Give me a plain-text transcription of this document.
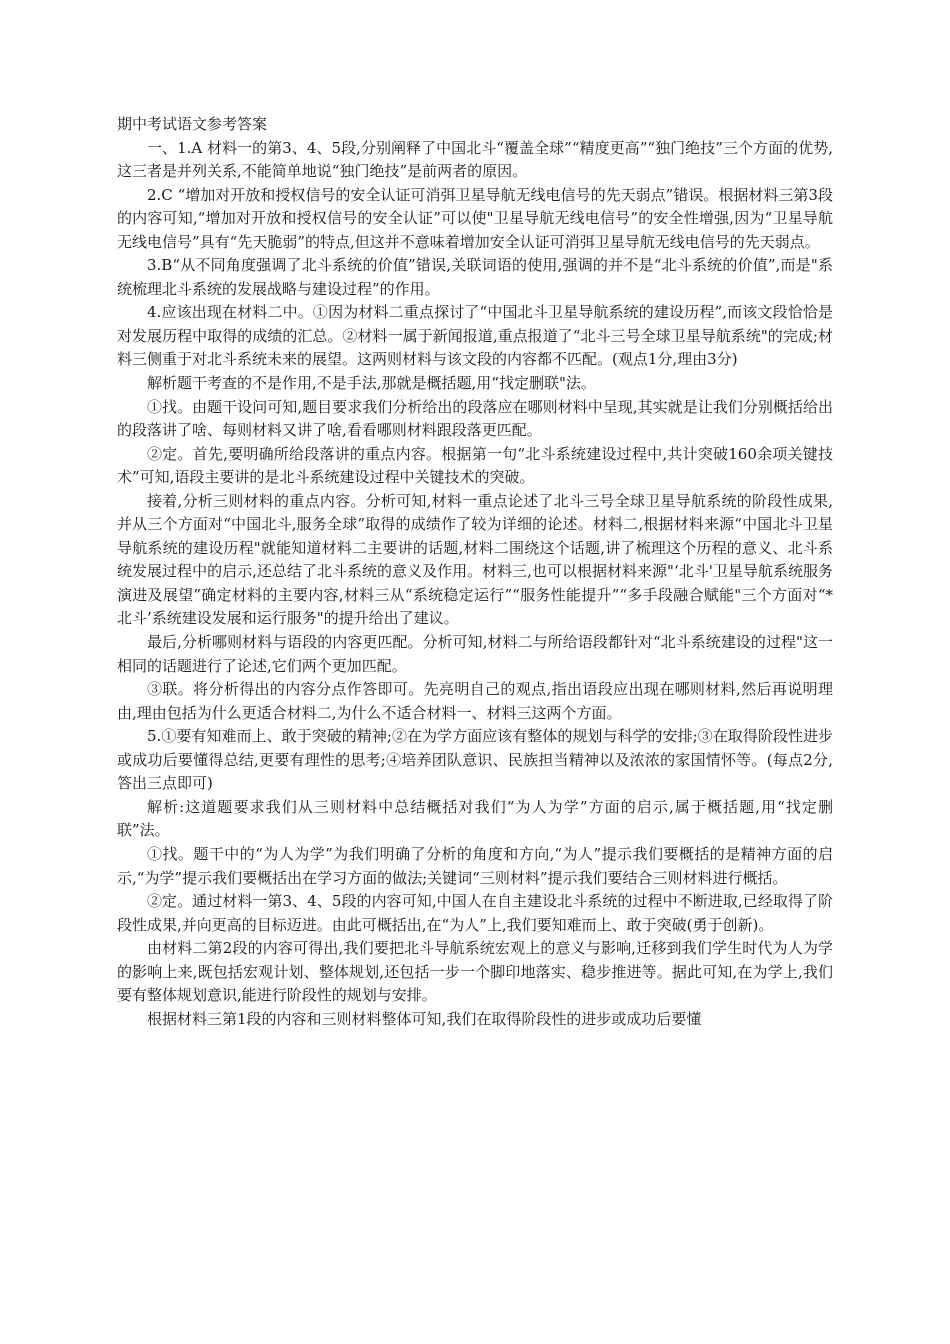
期中考试语文参考答案

一、1.A 材料一的第3、4、5段,分别阐释了中国北斗“覆盖全球”“精度更高”“独门绝技”三个方面的优势,这三者是并列关系,不能简单地说“独门绝技”是前两者的原因。

2.C “增加对开放和授权信号的安全认证可消弭卫星导航无线电信号的先天弱点”错误。根据材料三第3段的内容可知,“增加对开放和授权信号的安全认证”可以使"卫星导航无线电信号”的安全性增强,因为“卫星导航无线电信号”具有“先天脆弱”的特点,但这并不意味着增加安全认证可消弭卫星导航无线电信号的先天弱点。

3.B“从不同角度强调了北斗系统的价值”错误,关联词语的使用,强调的并不是“北斗系统的价值”,而是"系统梳理北斗系统的发展战略与建设过程”的作用。

4.应该出现在材料二中。①因为材料二重点探讨了“中国北斗卫星导航系统的建设历程”,而该文段恰恰是对发展历程中取得的成绩的汇总。②材料一属于新闻报道,重点报道了“北斗三号全球卫星导航系统"的完成;材料三侧重于对北斗系统未来的展望。这两则材料与该文段的内容都不匹配。(观点1分,理由3分)

解析题干考查的不是作用,不是手法,那就是概括题,用“找定删联"法。

①找。由题干设问可知,题目要求我们分析给出的段落应在哪则材料中呈现,其实就是让我们分别概括给出的段落讲了啥、每则材料又讲了啥,看看哪则材料跟段落更匹配。

②定。首先,要明确所给段落讲的重点内容。根据第一句“北斗系统建设过程中,共计突破160余项关键技术”可知,语段主要讲的是北斗系统建设过程中关键技术的突破。

接着,分析三则材料的重点内容。分析可知,材料一重点论述了北斗三号全球卫星导航系统的阶段性成果,并从三个方面对“中国北斗,服务全球”取得的成绩作了较为详细的论述。材料二,根据材料来源“中国北斗卫星导航系统的建设历程"就能知道材料二主要讲的话题,材料二围绕这个话题,讲了梳理这个历程的意义、北斗系统发展过程中的启示,还总结了北斗系统的意义及作用。材料三,也可以根据材料来源"‘北斗'卫星导航系统服务演进及展望”确定材料的主要内容,材料三从“系统稳定运行”“服务性能提升”“多手段融合赋能"三个方面对“*北斗’系统建设发展和运行服务"的提升给出了建议。

最后,分析哪则材料与语段的内容更匹配。分析可知,材料二与所给语段都针对“北斗系统建设的过程"这一相同的话题进行了论述,它们两个更加匹配。

③联。将分析得出的内容分点作答即可。先亮明自己的观点,指出语段应出现在哪则材料,然后再说明理由,理由包括为什么更适合材料二,为什么不适合材料一、材料三这两个方面。

5.①要有知难而上、敢于突破的精神;②在为学方面应该有整体的规划与科学的安排;③在取得阶段性进步或成功后要懂得总结,更要有理性的思考;④培养团队意识、民族担当精神以及浓浓的家国情怀等。(每点2分,答出三点即可)

解析:这道题要求我们从三则材料中总结概括对我们“为人为学”方面的启示,属于概括题,用“找定删联”法。

①找。题干中的“为人为学”为我们明确了分析的角度和方向,“为人”提示我们要概括的是精神方面的启示,“为学”提示我们要概括出在学习方面的做法;关键词“三则材料”提示我们要结合三则材料进行概括。

②定。通过材料一第3、4、5段的内容可知,中国人在自主建设北斗系统的过程中不断进取,已经取得了阶段性成果,并向更高的目标迈进。由此可概括出,在“为人”上,我们要知难而上、敢于突破(勇于创新)。

由材料二第2段的内容可得出,我们要把北斗导航系统宏观上的意义与影响,迁移到我们学生时代为人为学的影响上来,既包括宏观计划、整体规划,还包括一步一个脚印地落实、稳步推进等。据此可知,在为学上,我们要有整体规划意识,能进行阶段性的规划与安排。

根据材料三第1段的内容和三则材料整体可知,我们在取得阶段性的进步或成功后要懂
